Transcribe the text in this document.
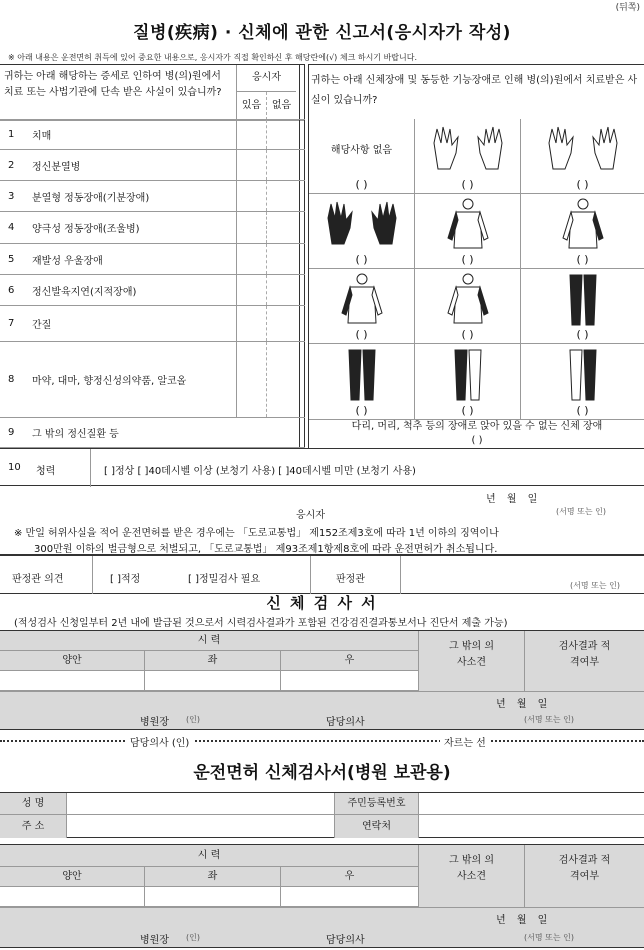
(뒤쪽)
질병(疾病) · 신체에 관한 신고서(응시자가 작성)
※ 아래 내용은 운전면허 취득에 있어 중요한 내용으로, 응시자가 직접 확인하신 후 해당란에(√) 체크 하시기 바랍니다.
귀하는 아래 해당하는 증세로 인하여 병(의)원에서 치료 또는 사법기관에 단속 받은 사실이 있습니까?
응시자
있음	없음
1	치매
2	정신분열병
3	분열형 정동장애(기분장애)
4	양극성 정동장애(조울병)
5	재발성 우울장애
6	정신발육지연(지적장애)
7	간질
8	마약, 대마, 향정신성의약품, 알코올
9	그 밖의 정신질환 등
귀하는 아래 신체장애 및 동등한 기능장애로 인해 병(의)원에서 치료받은 사실이 있습니까?
해당사항 없음
( )	( )	( )
( )	( )	( )
( )	( )	( )
( )	( )	( )
다리, 머리, 척추 등의 장애로 앉아 있을 수 없는 신체 장애
( )
10 청력	[ ]정상 [ ]40데시벨 이상 (보청기 사용) [ ]40데시벨 미만 (보청기 사용)
년 월 일
응시자	(서명 또는 인)
※ 만일 허위사실을 적어 운전면허를 받은 경우에는 「도로교통법」 제152조제3호에 따라 1년 이하의 징역이나
300만원 이하의 벌금형으로 처벌되고, 「도로교통법」 제93조제1항제8호에 따라 운전면허가 취소됩니다.
판정관 의견	[ ]적정	[ ]정밀검사 필요	판정관
(서명 또는 인)
신 체 검 사 서
(적성검사 신청일부터 2년 내에 발급된 것으로서 시력검사결과가 포함된 건강검진결과통보서나 진단서 제출 가능)
시 력
양안	좌	우
그 밖의 의사소견
검사결과 적격여부
년 월 일
병원장 (인)	담당의사	(서명 또는 인)
담당의사 (인)	자르는 선
운전면허 신체검사서(병원 보관용)
성 명	주민등록번호
주 소	연락처
시 력
양안	좌	우
그 밖의 의사소견
검사결과 적격여부
년 월 일
병원장 (인)	담당의사	(서명 또는 인)
